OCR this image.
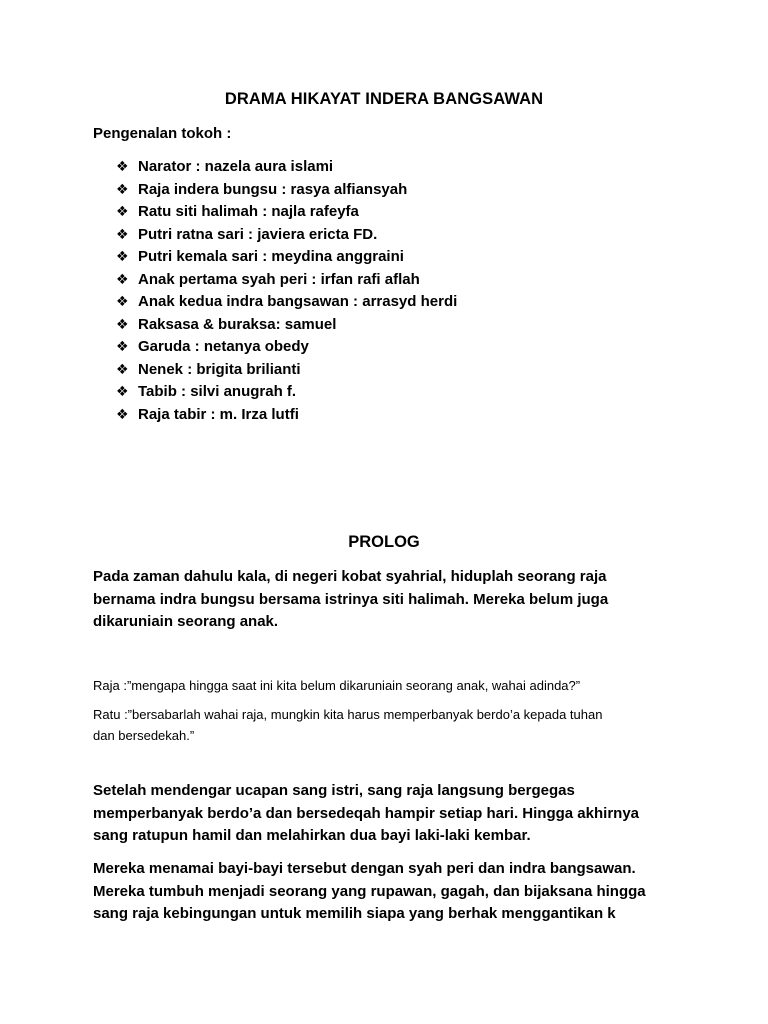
DRAMA HIKAYAT INDERA BANGSAWAN
Pengenalan tokoh :
❖ Narator : nazela aura islami
❖ Raja indera bungsu : rasya alfiansyah
❖ Ratu siti halimah : najla rafeyfa
❖ Putri ratna sari : javiera ericta FD.
❖ Putri kemala sari : meydina anggraini
❖ Anak pertama syah peri : irfan rafi aflah
❖ Anak kedua indra bangsawan : arrasyd herdi
❖ Raksasa & buraksa: samuel
❖ Garuda : netanya obedy
❖ Nenek : brigita brilianti
❖ Tabib : silvi anugrah f.
❖ Raja tabir : m. Irza lutfi
PROLOG
Pada zaman dahulu kala, di negeri kobat syahrial, hiduplah seorang raja
bernama indra bungsu bersama istrinya siti halimah. Mereka belum juga
dikaruniain seorang anak.
Raja :”mengapa hingga saat ini kita belum dikaruniain seorang anak, wahai adinda?”
Ratu :”bersabarlah wahai raja, mungkin kita harus memperbanyak berdo’a kepada tuhan
dan bersedekah.”
Setelah mendengar ucapan sang istri, sang raja langsung bergegas
memperbanyak berdo’a dan bersedeqah hampir setiap hari. Hingga akhirnya
sang ratupun hamil dan melahirkan dua bayi laki-laki kembar.
Mereka menamai bayi-bayi tersebut dengan syah peri dan indra bangsawan.
Mereka tumbuh menjadi seorang yang rupawan, gagah, dan bijaksana hingga
sang raja kebingungan untuk memilih siapa yang berhak menggantikan k
